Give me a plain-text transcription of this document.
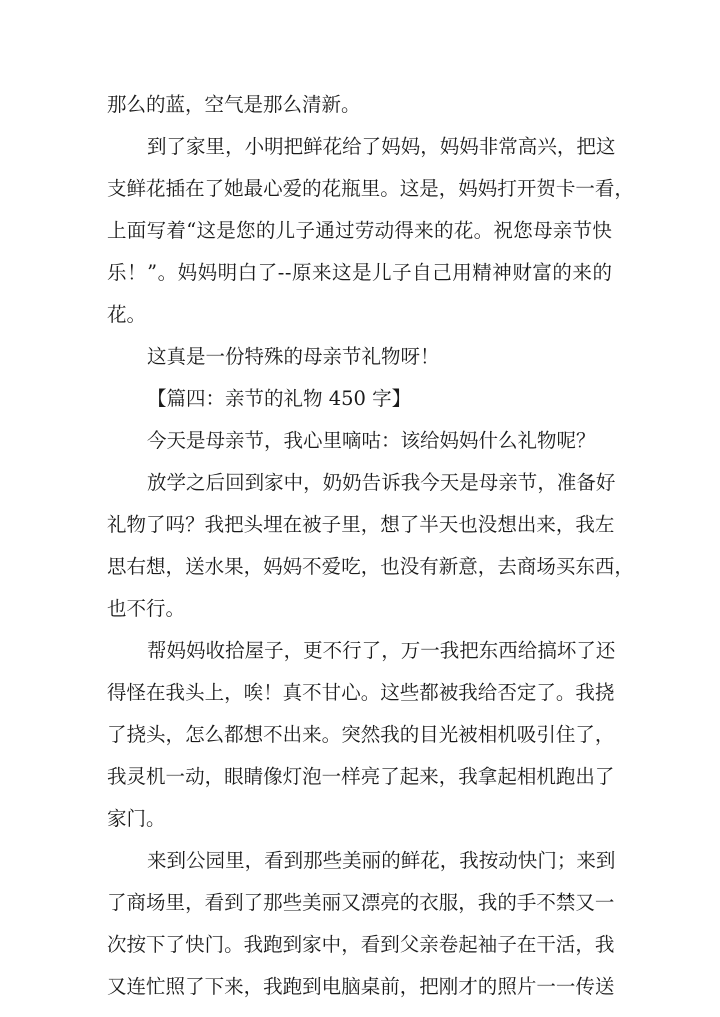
那么的蓝，空气是那么清新。
到 了 家 里 ， 小 明 把 鲜 花 给 了 妈 妈 ， 妈 妈 非 常 高 兴 ， 把 这
支 鲜 花 插 在 了 她 最 心 爱 的 花 瓶 里 。 这 是 ， 妈 妈 打 开 贺 卡 一 看 ，
上 面 写 着 “ 这 是 您 的 儿 子 通 过 劳 动 得 来 的 花 。 祝 您 母 亲 节 快
乐 ！ ” 。 妈 妈 明 白 了 - - 原 来 这 是 儿 子 自 己 用 精 神 财 富 的 来 的
花。
这真是一份特殊的母亲节礼物呀！
【篇四：亲节的礼物 450 字】
今天是母亲节，我心里嘀咕：该给妈妈什么礼物呢？
放 学 之 后 回 到 家 中 ， 奶 奶 告 诉 我 今 天 是 母 亲 节 ， 准 备 好
礼 物 了 吗 ？ 我 把 头 埋 在 被 子 里 ， 想 了 半 天 也 没 想 出 来 ， 我 左
思 右 想 ， 送 水 果 ， 妈 妈 不 爱 吃 ， 也 没 有 新 意 ， 去 商 场 买 东 西 ，
也不行。
帮 妈 妈 收 拾 屋 子 ， 更 不 行 了 ， 万 一 我 把 东 西 给 搞 坏 了 还
得 怪 在 我 头 上 ， 唉 ！ 真 不 甘 心 。 这 些 都 被 我 给 否 定 了 。 我 挠
了 挠 头 ， 怎 么 都 想 不 出 来 。 突 然 我 的 目 光 被 相 机 吸 引 住 了 ，
我 灵 机 一 动 ， 眼 睛 像 灯 泡 一 样 亮 了 起 来 ， 我 拿 起 相 机 跑 出 了
家门。
来 到 公 园 里 ， 看 到 那 些 美 丽 的 鲜 花 ， 我 按 动 快 门 ； 来 到
了 商 场 里 ， 看 到 了 那 些 美 丽 又 漂 亮 的 衣 服 ， 我 的 手 不 禁 又 一
次 按 下 了 快 门 。 我 跑 到 家 中 ， 看 到 父 亲 卷 起 袖 子 在 干 活 ， 我
又 连 忙 照 了 下 来 ， 我 跑 到 电 脑 桌 前 ， 把 刚 才 的 照 片 一 一 传 送
